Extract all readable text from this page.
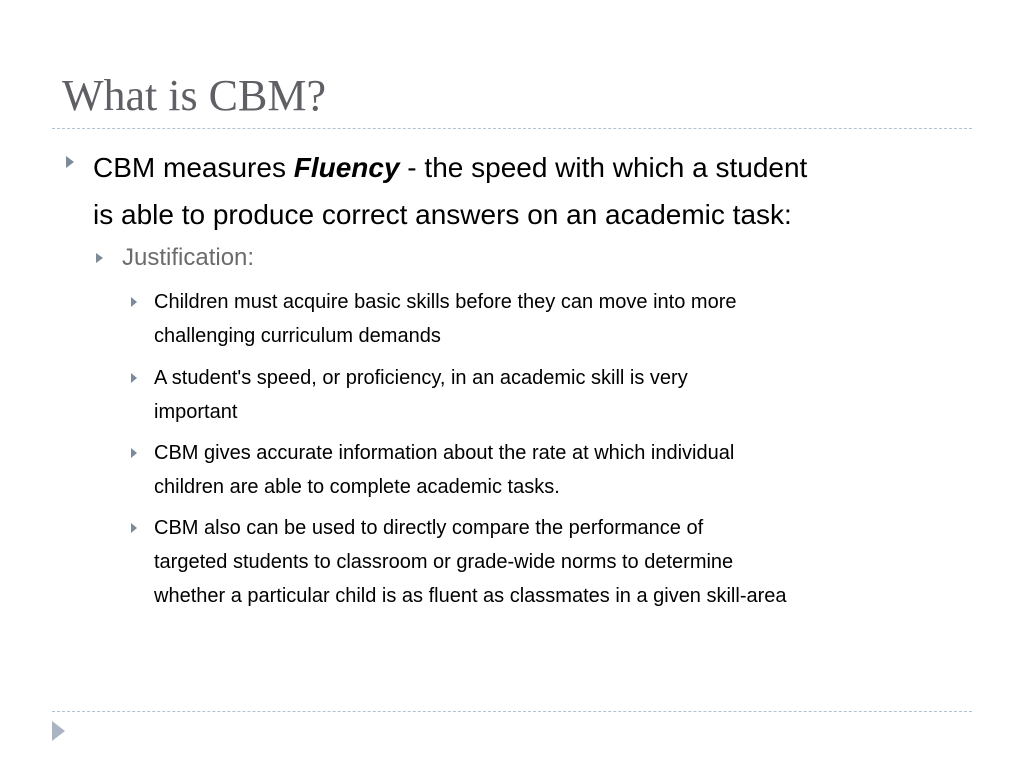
What is CBM?

CBM measures Fluency - the speed with which a student
is able to produce correct answers on an academic task:

Justification:

Children must acquire basic skills before they can move into more
challenging curriculum demands

A student's speed, or proficiency, in an academic skill is very
important

CBM gives accurate information about the rate at which individual
children are able to complete academic tasks.

CBM also can be used to directly compare the performance of
targeted students to classroom or grade-wide norms to determine
whether a particular child is as fluent as classmates in a given skill-area
